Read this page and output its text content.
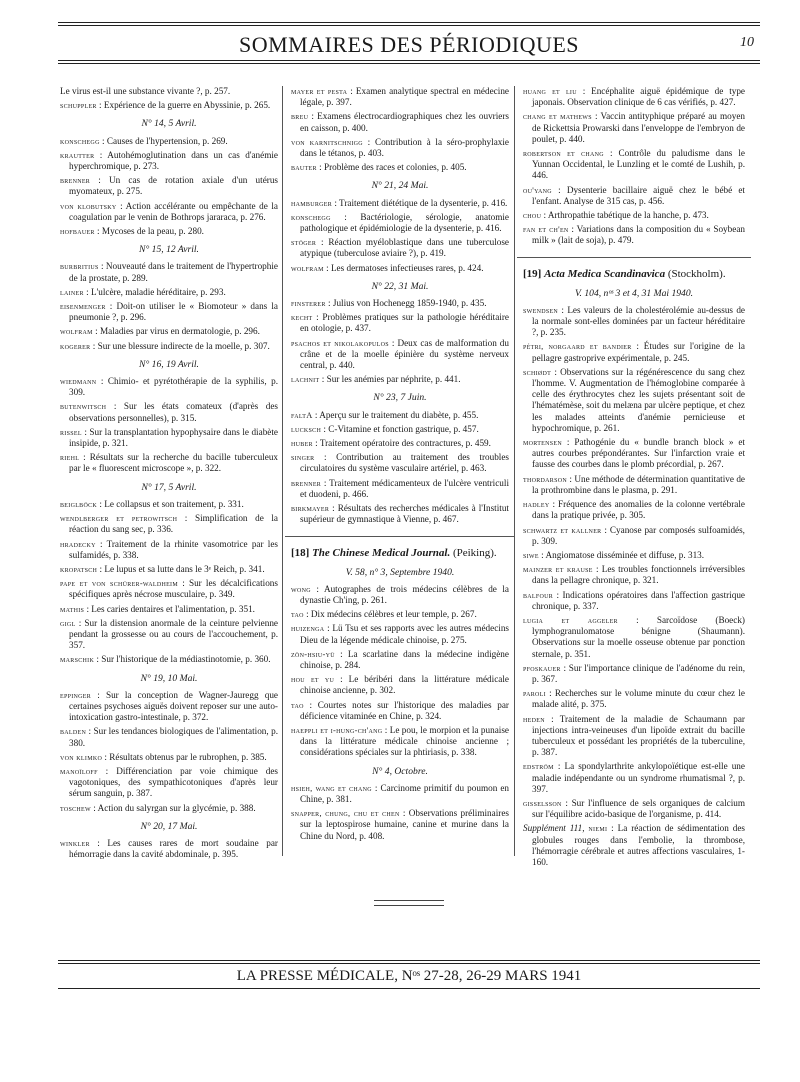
SOMMAIRES DES PÉRIODIQUES	10
Le virus est-il une substance vivante ?, p. 257.
schuppler : Expérience de la guerre en Abyssinie, p. 265.
N° 14, 5 Avril.
konschegg : Causes de l'hypertension, p. 269.
krautter : Autohémoglutination dans un cas d'anémie hyperchromique, p. 273.
brenner : Un cas de rotation axiale d'un utérus myomateux, p. 275.
von klobutsky : Action accélérante ou empêchante de la coagulation par le venin de Bothrops jararaca, p. 276.
hofbauer : Mycoses de la peau, p. 280.
N° 15, 12 Avril.
burbritius : Nouveauté dans le traitement de l'hypertrophie de la prostate, p. 289.
lainer : L'ulcère, maladie héréditaire, p. 293.
eisenmenger : Doit-on utiliser le « Biomoteur » dans la pneumonie ?, p. 296.
wolfram : Maladies par virus en dermatologie, p. 296.
kogerer : Sur une blessure indirecte de la moelle, p. 307.
N° 16, 19 Avril.
wiedmann : Chimio- et pyrétothérapie de la syphilis, p. 309.
butenwitsch : Sur les états comateux (d'après des observations personnelles), p. 315.
rissel : Sur la transplantation hypophysaire dans le diabète insipide, p. 321.
riehl : Résultats sur la recherche du bacille tuberculeux par le « fluorescent microscope », p. 322.
N° 17, 5 Avril.
beiglböck : Le collapsus et son traitement, p. 331.
wendlberger et petrowitsch : Simplification de la réaction du sang sec, p. 336.
hradecky : Traitement de la rhinite vasomotrice par les sulfamidés, p. 338.
kropatsch : Le lupus et sa lutte dans le 3ᵉ Reich, p. 341.
pape et von schürer-waldheim : Sur les décalcifications spécifiques après nécrose musculaire, p. 349.
mathis : Les caries dentaires et l'alimentation, p. 351.
gigl : Sur la distension anormale de la ceinture pelvienne pendant la grossesse ou au cours de l'accouchement, p. 357.
marschik : Sur l'historique de la médiastinotomie, p. 360.
N° 19, 10 Mai.
eppinger : Sur la conception de Wagner-Jauregg que certaines psychoses aiguës doivent reposer sur une auto-intoxication gastro-intestinale, p. 372.
balden : Sur les tendances biologiques de l'alimentation, p. 380.
von klimko : Résultats obtenus par le rubrophen, p. 385.
manoïloff : Différenciation par voie chimique des vagotoniques, des sympathicotoniques d'après leur sérum sanguin, p. 387.
toschew : Action du salyrgan sur la glycémie, p. 388.
N° 20, 17 Mai.
winkler : Les causes rares de mort soudaine par hémorragie dans la cavité abdominale, p. 395.
mayer et pesta : Examen analytique spectral en médecine légale, p. 397.
breu : Examens électrocardiographiques chez les ouvriers en caisson, p. 400.
von karnitschnigg : Contribution à la séro-prophylaxie dans le tétanos, p. 403.
bauter : Problème des races et colonies, p. 405.
N° 21, 24 Mai.
hamburger : Traitement diététique de la dysenterie, p. 416.
konschegg : Bactériologie, sérologie, anatomie pathologique et épidémiologie de la dysenterie, p. 416.
stöger : Réaction myéloblastique dans une tuberculose atypique (tuberculose aviaire ?), p. 419.
wolfram : Les dermatoses infectieuses rares, p. 424.
N° 22, 31 Mai.
finsterer : Julius von Hochenegg 1859-1940, p. 435.
kecht : Problèmes pratiques sur la pathologie héréditaire en otologie, p. 437.
psachos et nikolakopulos : Deux cas de malformation du crâne et de la moelle épinière du système nerveux central, p. 440.
lachnit : Sur les anémies par néphrite, p. 441.
N° 23, 7 Juin.
faltA : Aperçu sur le traitement du diabète, p. 455.
lucksch : C-Vitamine et fonction gastrique, p. 457.
huber : Traitement opératoire des contractures, p. 459.
singer : Contribution au traitement des troubles circulatoires du système vasculaire artériel, p. 463.
brenner : Traitement médicamenteux de l'ulcère ventriculi et duodeni, p. 466.
birkmayer : Résultats des recherches médicales à l'Institut supérieur de gymnastique à Vienne, p. 467.
[18] The Chinese Medical Journal. (Peiking).
V. 58, n° 3, Septembre 1940.
wong : Autographes de trois médecins célèbres de la dynastie Ch'ing, p. 261.
tao : Dix médecins célèbres et leur temple, p. 267.
huizenga : Lü Tsu et ses rapports avec les autres médecins Dieu de la légende médicale chinoise, p. 275.
zön-hsiu-yü : La scarlatine dans la médecine indigène chinoise, p. 284.
hou et yu : Le béribéri dans la littérature médicale chinoise ancienne, p. 302.
tao : Courtes notes sur l'historique des maladies par déficience vitaminée en Chine, p. 324.
haeppli et i-hung-ch'ang : Le pou, le morpion et la punaise dans la littérature médicale chinoise ancienne ; considérations spéciales sur la phtiriasis, p. 338.
N° 4, Octobre.
hsieh, wang et chang : Carcinome primitif du poumon en Chine, p. 381.
snapper, chung, chu et chen : Observations préliminaires sur la leptospirose humaine, canine et murine dans la Chine du Nord, p. 408.
huang et liu : Encéphalite aiguë épidémique de type japonais. Observation clinique de 6 cas vérifiés, p. 427.
chang et mathews : Vaccin antityphique préparé au moyen de Rickettsia Prowarski dans l'enveloppe de l'embryon de poulet, p. 440.
robertson et chang : Contrôle du paludisme dans le Yunnan Occidental, le Lunzling et le comté de Lushih, p. 446.
ou'yang : Dysenterie bacillaire aiguë chez le bébé et l'enfant. Analyse de 315 cas, p. 456.
chou : Arthropathie tabétique de la hanche, p. 473.
fan et ch'en : Variations dans la composition du « Soybean milk » (lait de soja), p. 479.
[19] Acta Medica Scandinavica (Stockholm).
V. 104, nᵒˢ 3 et 4, 31 Mai 1940.
swendsen : Les valeurs de la cholestérolémie au-dessus de la normale sont-elles dominées par un facteur héréditaire ?, p. 235.
pétri, norgaard et bandier : Études sur l'origine de la pellagre gastroprive expérimentale, p. 245.
schiødt : Observations sur la régénérescence du sang chez l'homme. V. Augmentation de l'hémoglobine comparée à celle des érythrocytes chez les sujets présentant soit de l'hématémèse, soit du melæna par ulcère peptique, et chez les malades atteints d'anémie pernicieuse et hypochromique, p. 261.
mortensen : Pathogénie du « bundle branch block » et autres courbes prépondérantes. Sur l'infarction vraie et fausse des courbes dans le plomb précordial, p. 267.
thordarson : Une méthode de détermination quantitative de la prothrombine dans le plasma, p. 291.
hadley : Fréquence des anomalies de la colonne vertébrale dans la pratique privée, p. 305.
schwartz et kallner : Cyanose par composés sulfoamidés, p. 309.
siwe : Angiomatose disséminée et diffuse, p. 313.
mainzer et krause : Les troubles fonctionnels irréversibles dans la pellagre chronique, p. 321.
balfour : Indications opératoires dans l'affection gastrique chronique, p. 337.
lugia et aggeler : Sarcoïdose (Boeck) lymphogranulomatose bénigne (Shaumann). Observations sur la moelle osseuse obtenue par ponction sternale, p. 351.
pfoskauer : Sur l'importance clinique de l'adénome du rein, p. 367.
paroli : Recherches sur le volume minute du cœur chez le malade alité, p. 375.
heden : Traitement de la maladie de Schaumann par injections intra-veineuses d'un lipoïde extrait du bacille tuberculeux et possédant les propriétés de la tuberculine, p. 387.
edström : La spondylarthrite ankylopoïétique est-elle une maladie indépendante ou un syndrome rhumatismal ?, p. 397.
gisselsson : Sur l'influence de sels organiques de calcium sur l'équilibre acido-basique de l'organisme, p. 414.
Supplément 111, niemi : La réaction de sédimentation des globules rouges dans l'embolie, la thrombose, l'hémorragie cérébrale et autres affections vasculaires, 1-160.
LA PRESSE MÉDICALE, Nᵒˢ 27-28, 26-29 MARS 1941
